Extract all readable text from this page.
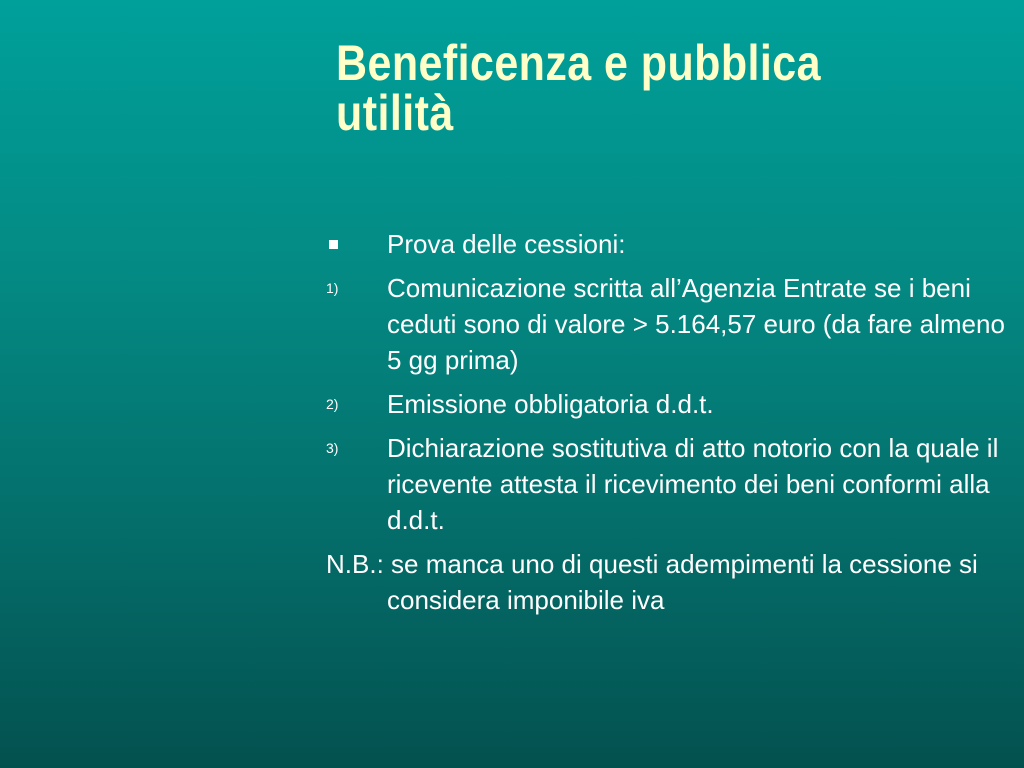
Beneficenza e pubblica
utilità
Prova delle cessioni:
1)	Comunicazione scritta all’Agenzia Entrate se i beni ceduti sono di valore > 5.164,57 euro (da fare almeno 5 gg prima)
2)	Emissione obbligatoria d.d.t.
3)	Dichiarazione sostitutiva di atto notorio con la quale il ricevente attesta il ricevimento dei beni conformi alla d.d.t.
N.B.: se manca uno di questi adempimenti la cessione si considera imponibile iva
